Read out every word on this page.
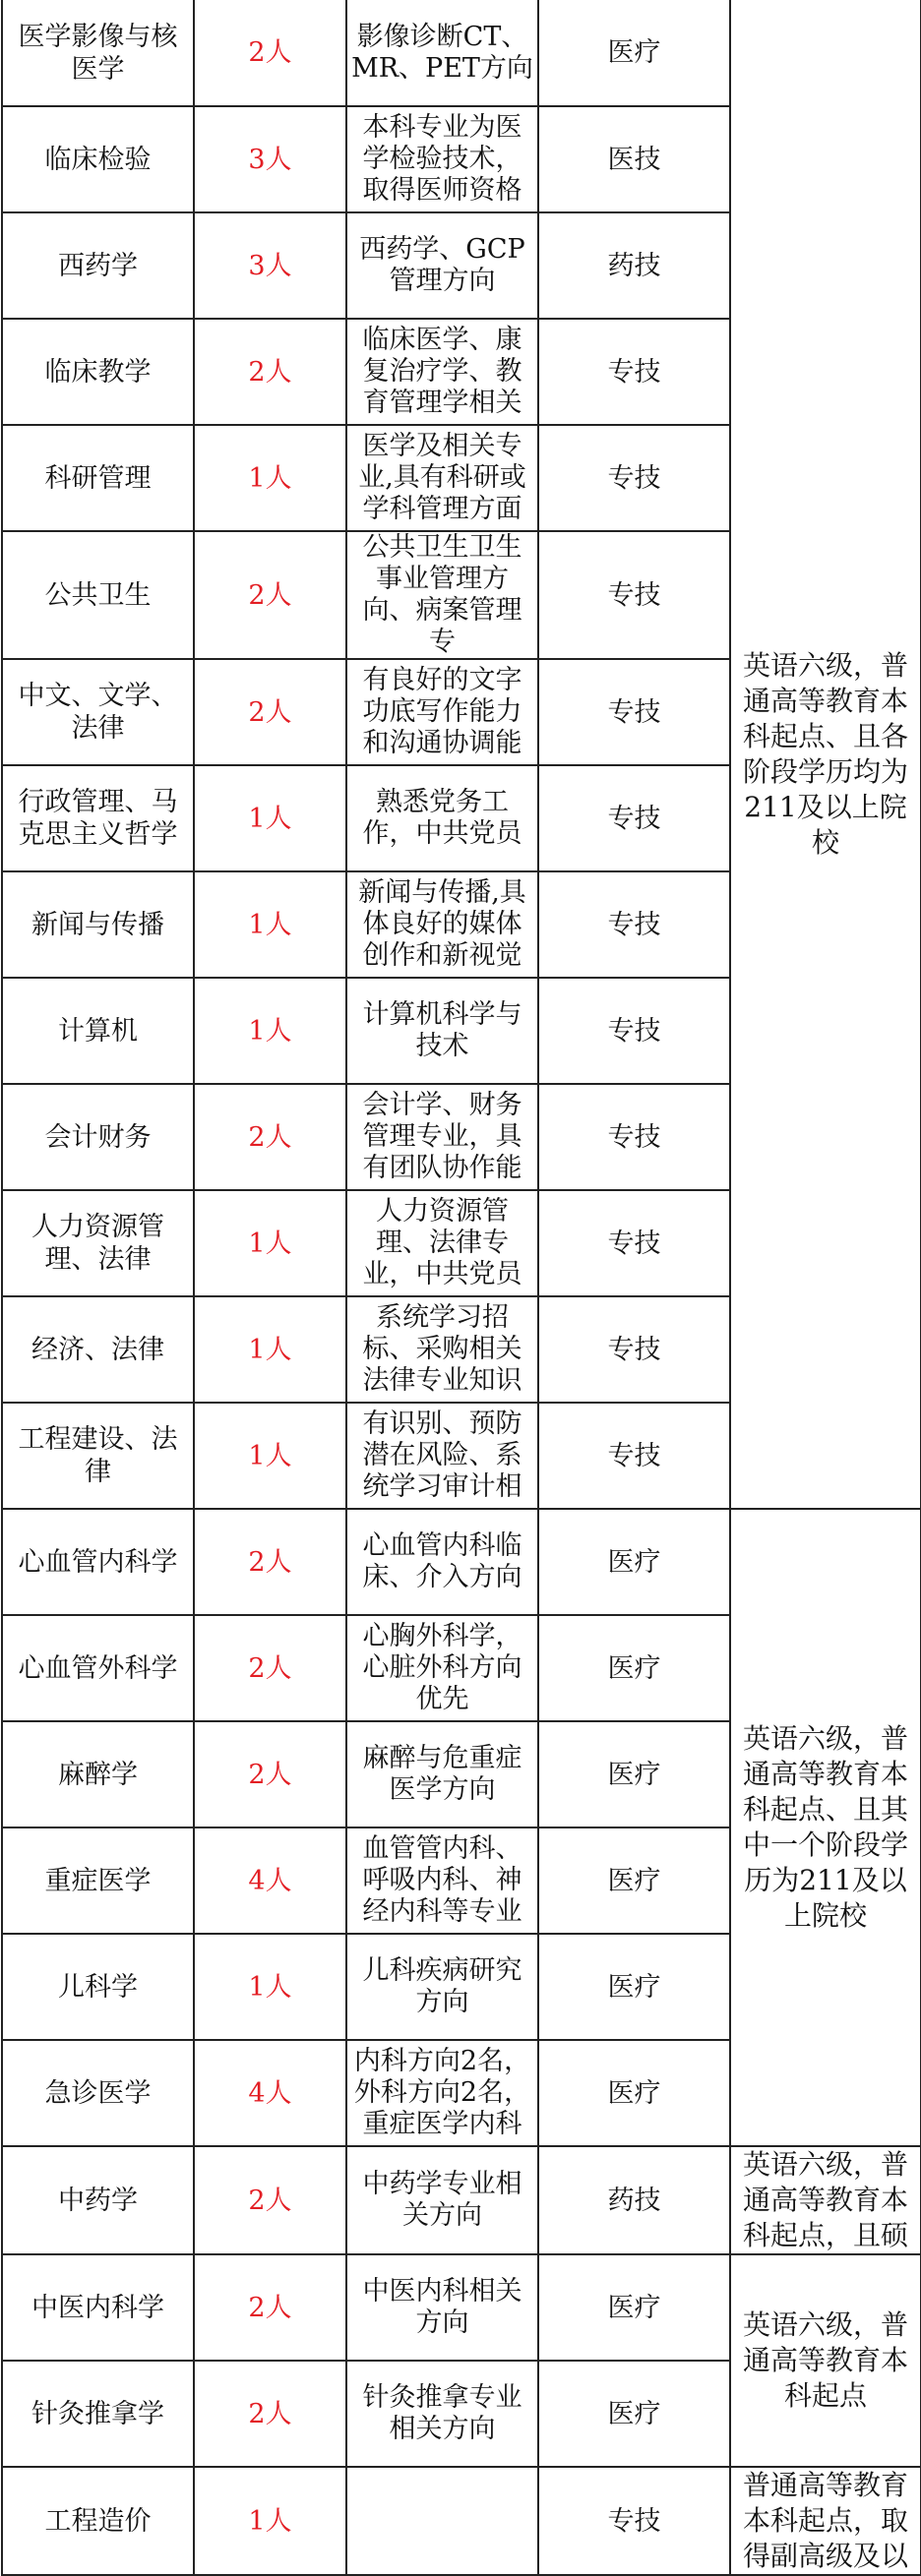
医学影像与核医学	2人	影像诊断CT、MR、PET方向	医疗	英语六级，普通高等教育本科起点、且各阶段学历均为211及以上院校
临床检验	3人	本科专业为医学检验技术，取得医师资格	医技	
西药学	3人	西药学、GCP管理方向	药技	
临床教学	2人	临床医学、康复治疗学、教育管理学相关	专技	
科研管理	1人	医学及相关专业,具有科研或学科管理方面	专技	
公共卫生	2人	公共卫生卫生事业管理方向、病案管理专	专技	
中文、文学、法律	2人	有良好的文字功底写作能力和沟通协调能	专技	
行政管理、马克思主义哲学	1人	熟悉党务工作，中共党员	专技	
新闻与传播	1人	新闻与传播,具体良好的媒体创作和新视觉	专技	
计算机	1人	计算机科学与技术	专技	
会计财务	2人	会计学、财务管理专业，具有团队协作能	专技	
人力资源管理、法律	1人	人力资源管理、法律专业，中共党员	专技	
经济、法律	1人	系统学习招标、采购相关法律专业知识	专技	
工程建设、法律	1人	有识别、预防潜在风险、系统学习审计相	专技	
心血管内科学	2人	心血管内科临床、介入方向	医疗	英语六级，普通高等教育本科起点、且其中一个阶段学历为211及以上院校
心血管外科学	2人	心胸外科学，心脏外科方向优先	医疗	
麻醉学	2人	麻醉与危重症医学方向	医疗	
重症医学	4人	血管管内科、呼吸内科、神经内科等专业	医疗	
儿科学	1人	儿科疾病研究方向	医疗	
急诊医学	4人	内科方向2名，外科方向2名，重症医学内科	医疗	
中药学	2人	中药学专业相关方向	药技	英语六级，普通高等教育本科起点，且硕
中医内科学	2人	中医内科相关方向	医疗	英语六级，普通高等教育本科起点
针灸推拿学	2人	针灸推拿专业相关方向	医疗	
工程造价	1人		专技	普通高等教育本科起点，取得副高级及以
